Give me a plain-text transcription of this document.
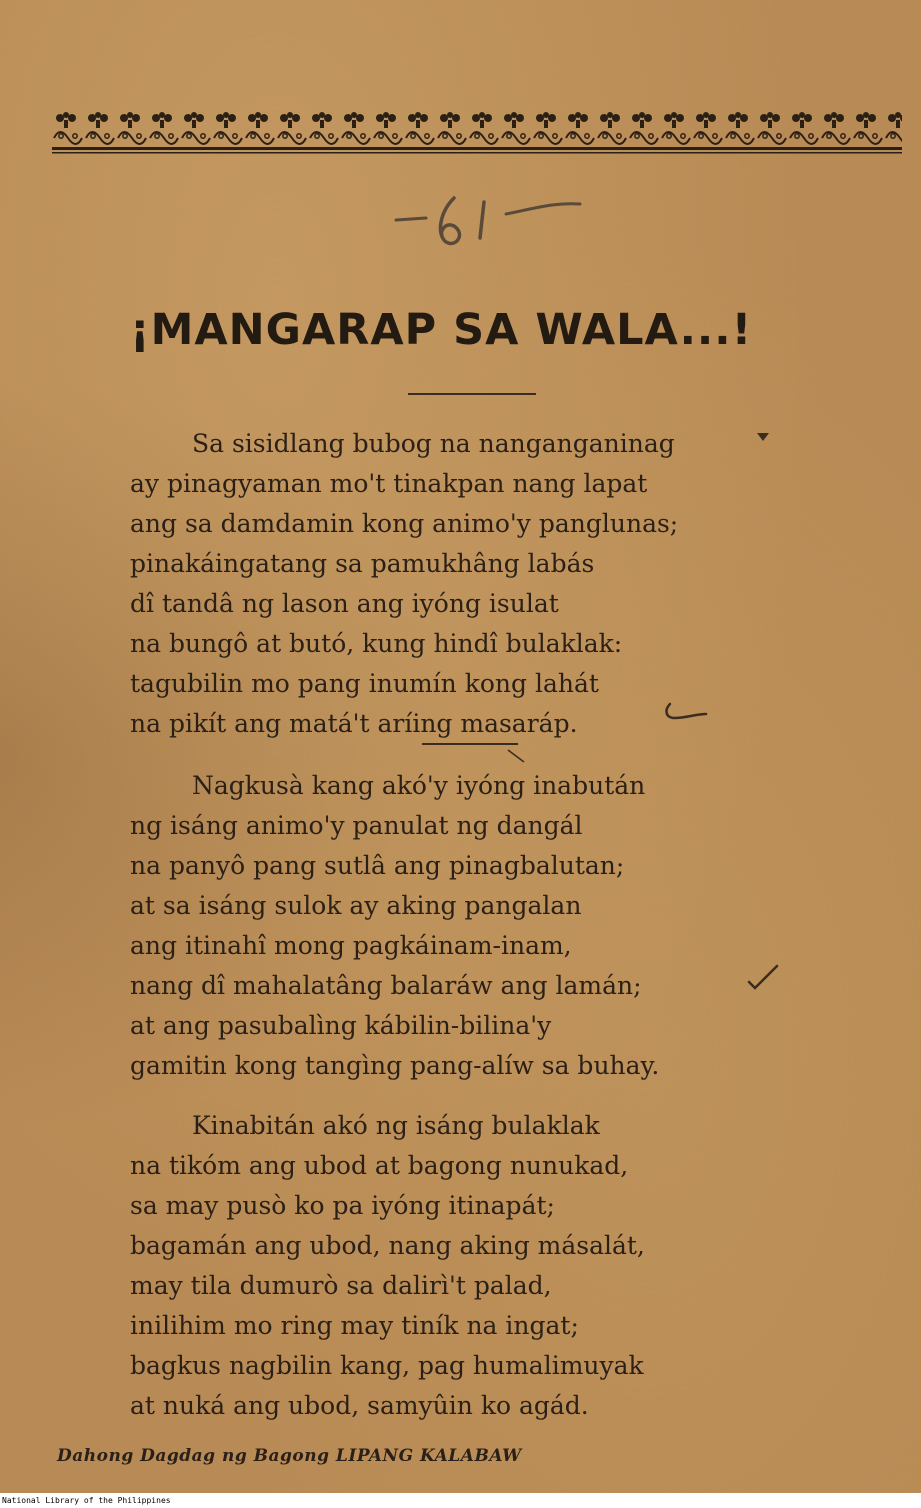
¡MANGARAP SA WALA...!
Sa sisidlang bubog na nanganganinag
ay pinagyaman mo't tinakpan nang lapat
ang sa damdamin kong animo'y panglunas;
pinakáingatang sa pamukhâng labás
dî tandâ ng lason ang iyóng isulat
na bungô at butó, kung hindî bulaklak:
tagubilin mo pang inumín kong lahát
na pikít ang matá't aríing masaráp.
Nagkusà kang akó'y iyóng inabután
ng isáng animo'y panulat ng dangál
na panyô pang sutlâ ang pinagbalutan;
at sa isáng sulok ay aking pangalan
ang itinahî mong pagkáinam-inam,
nang dî mahalatâng balaráw ang lamán;
at ang pasubalìng kábilin-bilina'y
gamitin kong tangìng pang-alíw sa buhay.
Kinabitán akó ng isáng bulaklak
na tikóm ang ubod at bagong nunukad,
sa may pusò ko pa iyóng itinapát;
bagamán ang ubod, nang aking másalát,
may tila dumurò sa dalirì't palad,
inilihim mo ring may tiník na ingat;
bagkus nagbilin kang, pag humalimuyak
at nuká ang ubod, samyûin ko agád.
Dahong Dagdag ng Bagong LIPANG KALABAW
National Library of the Philippines
